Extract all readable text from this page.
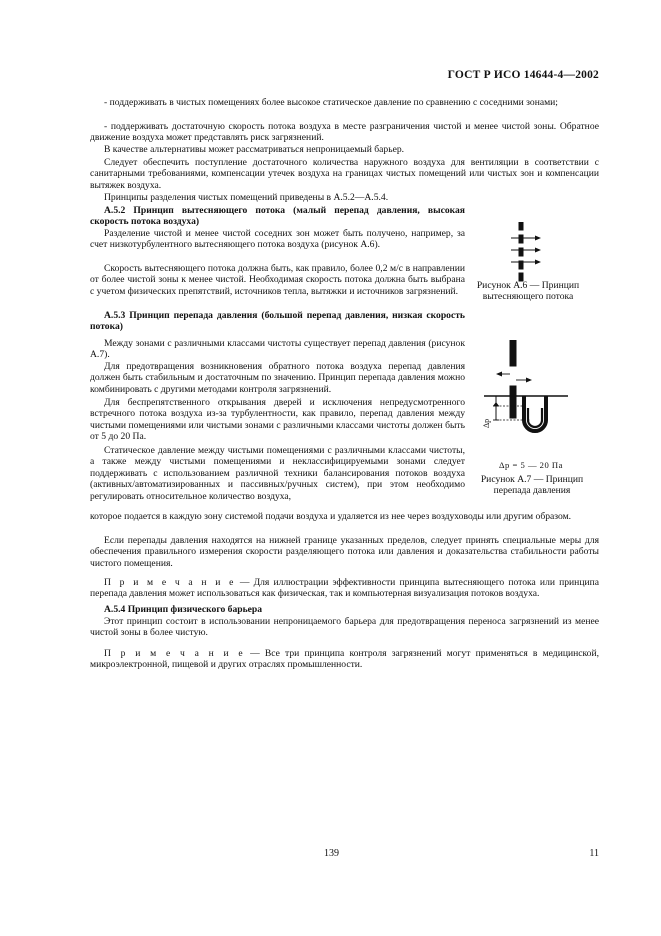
ГОСТ Р ИСО 14644-4—2002

- поддерживать в чистых помещениях более высокое статическое давление по сравнению с соседними зонами;

- поддерживать достаточную скорость потока воздуха в месте разграничения чистой и менее чистой зоны. Обратное движение воздуха может представлять риск загрязнений.

В качестве альтернативы может рассматриваться непроницаемый барьер.

Следует обеспечить поступление достаточного количества наружного воздуха для вентиляции в соответствии с санитарными требованиями, компенсации утечек воздуха на границах чистых помещений или чистых зон и компенсации вытяжек воздуха.

Принципы разделения чистых помещений приведены в А.5.2—А.5.4.

А.5.2 Принцип вытесняющего потока (малый перепад давления, высокая скорость потока воздуха)

Разделение чистой и менее чистой соседних зон может быть получено, например, за счет низкотурбулентного вытесняющего потока воздуха (рисунок А.6).

Скорость вытесняющего потока должна быть, как правило, более 0,2 м/с в направлении от более чистой зоны к менее чистой. Необходимая скорость потока должна быть выбрана с учетом физических препятствий, источников тепла, вытяжки и источников загрязнений.

А.5.3 Принцип перепада давления (большой перепад давления, низкая скорость потока)

Между зонами с различными классами чистоты существует перепад давления (рисунок А.7).

Для предотвращения возникновения обратного потока воздуха перепад давления должен быть стабильным и достаточным по значению. Принцип перепада давления можно комбинировать с другими методами контроля загрязнений.

Для беспрепятственного открывания дверей и исключения непредусмотренного встречного потока воздуха из-за турбулентности, как правило, перепад давления между чистыми помещениями или чистыми зонами с различными классами чистоты должен быть от 5 до 20 Па.

Статическое давление между чистыми помещениями с различными классами чистоты, а также между чистыми помещениями и неклассифицируемыми зонами следует поддерживать с использованием различной техники балансирования потоков воздуха (активных/автоматизированных и пассивных/ручных систем), при этом необходимо регулировать относительное количество воздуха,

которое подается в каждую зону системой подачи воздуха и удаляется из нее через воздуховоды или другим образом.

Если перепады давления находятся на нижней границе указанных пределов, следует принять специальные меры для обеспечения правильного измерения скорости разделяющего потока или давления и доказательства стабильности работы чистого помещения.

П р и м е ч а н и е — Для иллюстрации эффективности принципа вытесняющего потока или принципа перепада давления может использоваться как физическая, так и компьютерная визуализация потоков воздуха.

А.5.4 Принцип физического барьера

Этот принцип состоит в использовании непроницаемого барьера для предотвращения переноса загрязнений из менее чистой зоны в более чистую.

П р и м е ч а н и е — Все три принципа контроля загрязнений могут применяться в медицинской, микроэлектронной, пищевой и других отраслях промышленности.

Рисунок А.6 — Принцип вытесняющего потока
Δp
Δp = 5 — 20 Па
Рисунок А.7 — Принцип перепада давления
139	11
